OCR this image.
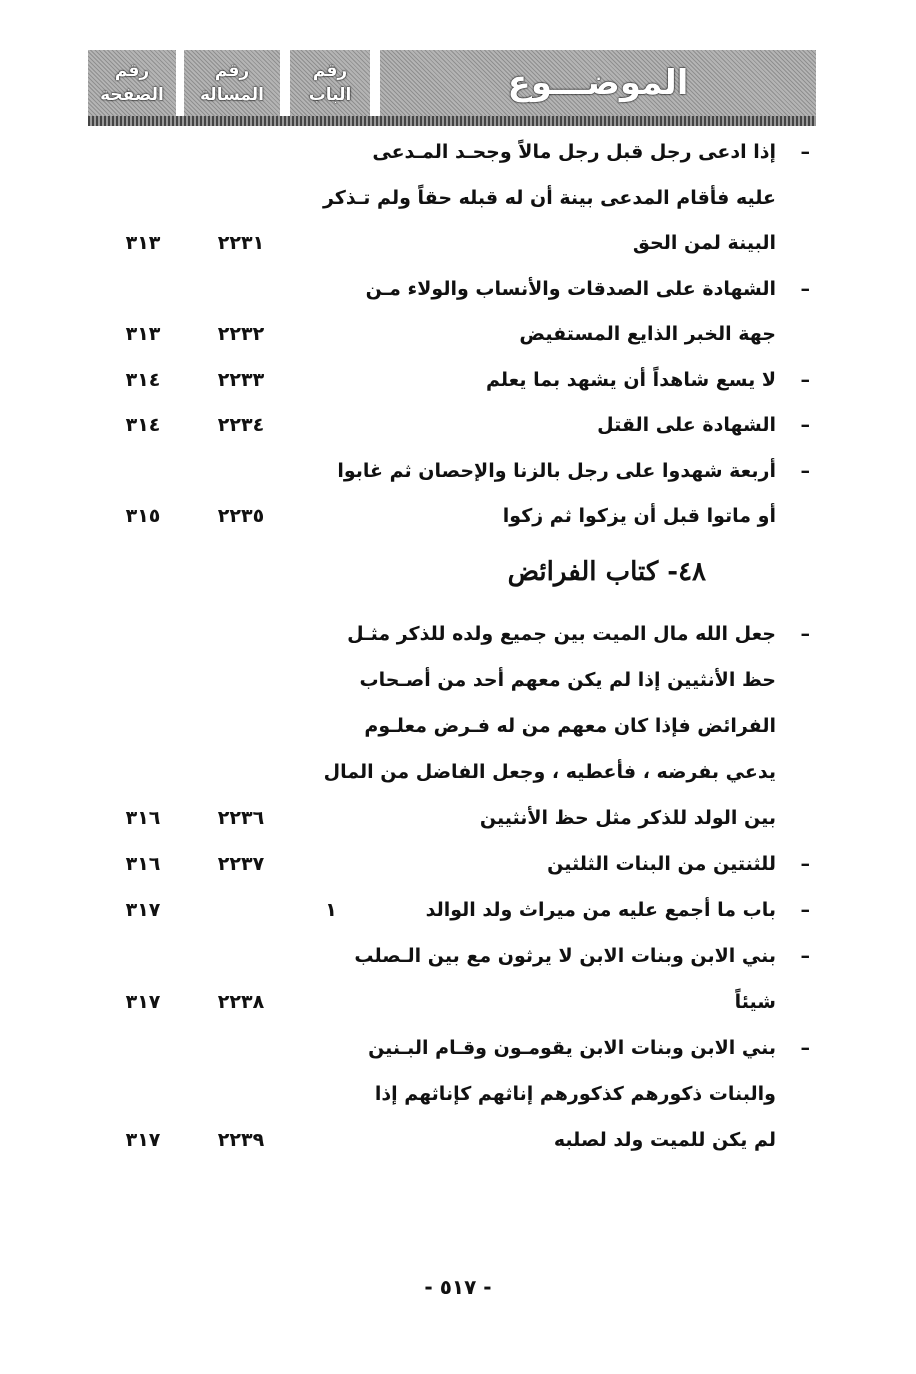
رقم
الصفحة
رقم
المسالة
رقم
الباب	الموضـــوع
– إذا ادعى رجل قبل رجل مالاً وجحـد المـدعى
عليه فأقام المدعى بينة أن له قبله حقاً ولم تـذكر
البينة لمن الحق
٢٢٣١
٣١٣
– الشهادة على الصدقات والأنساب والولاء مـن
جهة الخبر الذايع المستفيض
٢٢٣٢
٣١٣
– لا يسع شاهداً أن يشهد بما يعلم
٢٢٣٣
٣١٤
– الشهادة على القتل
٢٢٣٤
٣١٤
– أربعة شهدوا على رجل بالزنا والإحصان ثم غابوا
أو ماتوا قبل أن يزكوا ثم زكوا
٢٢٣٥
٣١٥
٤٨- كتاب الفرائض
– جعل الله مال الميت بين جميع ولده للذكر مثـل
حظ الأنثيين إذا لم يكن معهم أحد من أصـحاب
الفرائض فإذا كان معهم من له فـرض معلـوم
يدعي بفرضه ، فأعطيه ، وجعل الفاضل من المال
بين الولد للذكر مثل حظ الأنثيين
٢٢٣٦
٣١٦
– للثنتين من البنات الثلثين
٢٢٣٧
٣١٦
– باب ما أجمع عليه من ميراث ولد الوالد
٣١٧	١
– بني الابن وبنات الابن لا يرثون مع بين الـصلب
شيئاً
٢٢٣٨
٣١٧
– بني الابن وبنات الابن يقومـون وقـام البـنين
والبنات ذكورهم كذكورهم إناثهم كإناثهم إذا
لم يكن للميت ولد لصلبه
٢٢٣٩
٣١٧
- ٥١٧ -
